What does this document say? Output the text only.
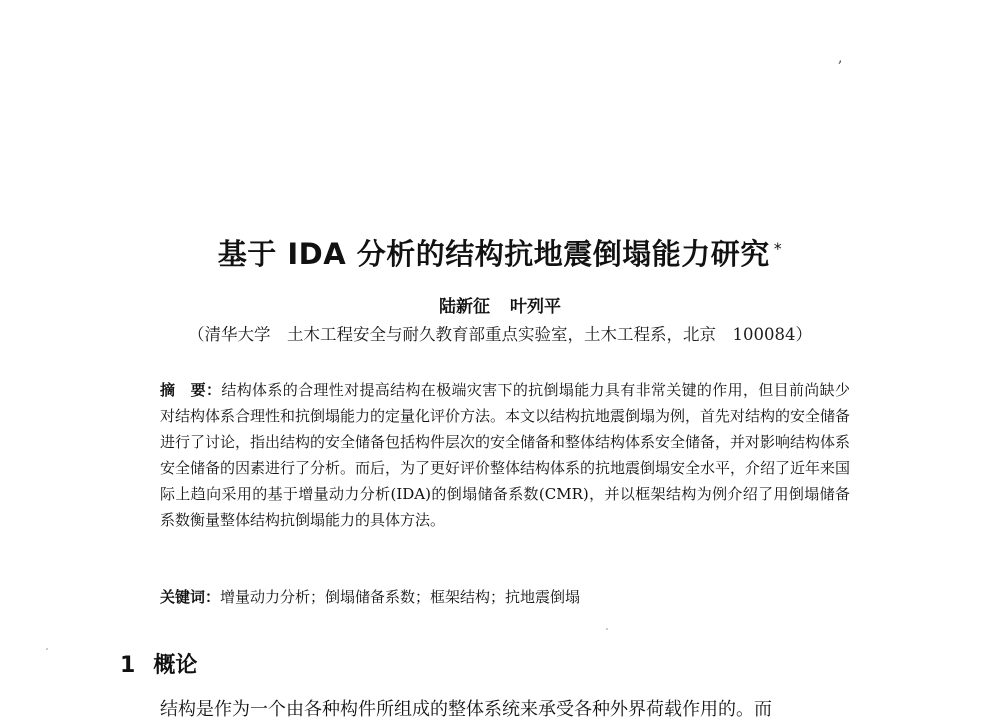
,
基于 IDA 分析的结构抗地震倒塌能力研究 *
陆新征 叶列平
（清华大学　土木工程安全与耐久教育部重点实验室，土木工程系，北京　100084）
摘　要：结构体系的合理性对提高结构在极端灾害下的抗倒塌能力具有非常关键的作用，但目前尚缺少对结构体系合理性和抗倒塌能力的定量化评价方法。本文以结构抗地震倒塌为例，首先对结构的安全储备进行了讨论，指出结构的安全储备包括构件层次的安全储备和整体结构体系安全储备，并对影响结构体系安全储备的因素进行了分析。而后，为了更好评价整体结构体系的抗地震倒塌安全水平，介绍了近年来国际上趋向采用的基于增量动力分析(IDA)的倒塌储备系数(CMR)，并以框架结构为例介绍了用倒塌储备系数衡量整体结构抗倒塌能力的具体方法。
关键词：增量动力分析；倒塌储备系数；框架结构；抗地震倒塌
1 概论
结构是作为一个由各种构件所组成的整体系统来承受各种外界荷载作用的。而
